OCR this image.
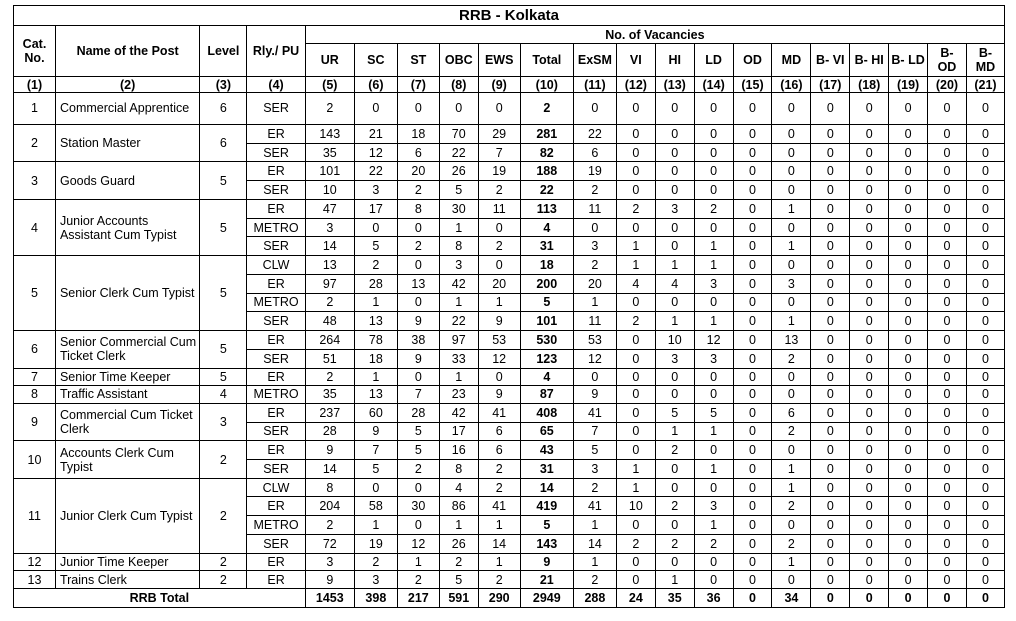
RRB - Kolkata																				
Cat. No.	Name of the Post	Level	Rly./ PU	No. of Vacancies																
				UR	SC	ST	OBC	EWS	Total	ExSM	VI	HI	LD	OD	MD	B- VI	B- HI	B- LD	B- OD	B- MD
(1)	(2)	(3)	(4)	(5)	(6)	(7)	(8)	(9)	(10)	(11)	(12)	(13)	(14)	(15)	(16)	(17)	(18)	(19)	(20)	(21)
1	Commercial Apprentice	6	SER	2	0	0	0	0	2	0	0	0	0	0	0	0	0	0	0	0
2	Station Master	6	ER	143	21	18	70	29	281	22	0	0	0	0	0	0	0	0	0	0
			SER	35	12	6	22	7	82	6	0	0	0	0	0	0	0	0	0	0
3	Goods Guard	5	ER	101	22	20	26	19	188	19	0	0	0	0	0	0	0	0	0	0
			SER	10	3	2	5	2	22	2	0	0	0	0	0	0	0	0	0	0
4	Junior Accounts Assistant Cum Typist	5	ER	47	17	8	30	11	113	11	2	3	2	0	1	0	0	0	0	0
			METRO	3	0	0	1	0	4	0	0	0	0	0	0	0	0	0	0	0
			SER	14	5	2	8	2	31	3	1	0	1	0	1	0	0	0	0	0
5	Senior Clerk Cum Typist	5	CLW	13	2	0	3	0	18	2	1	1	1	0	0	0	0	0	0	0
			ER	97	28	13	42	20	200	20	4	4	3	0	3	0	0	0	0	0
			METRO	2	1	0	1	1	5	1	0	0	0	0	0	0	0	0	0	0
			SER	48	13	9	22	9	101	11	2	1	1	0	1	0	0	0	0	0
6	Senior Commercial Cum Ticket Clerk	5	ER	264	78	38	97	53	530	53	0	10	12	0	13	0	0	0	0	0
			SER	51	18	9	33	12	123	12	0	3	3	0	2	0	0	0	0	0
7	Senior Time Keeper	5	ER	2	1	0	1	0	4	0	0	0	0	0	0	0	0	0	0	0
8	Traffic Assistant	4	METRO	35	13	7	23	9	87	9	0	0	0	0	0	0	0	0	0	0
9	Commercial Cum Ticket Clerk	3	ER	237	60	28	42	41	408	41	0	5	5	0	6	0	0	0	0	0
			SER	28	9	5	17	6	65	7	0	1	1	0	2	0	0	0	0	0
10	Accounts Clerk Cum Typist	2	ER	9	7	5	16	6	43	5	0	2	0	0	0	0	0	0	0	0
			SER	14	5	2	8	2	31	3	1	0	1	0	1	0	0	0	0	0
11	Junior Clerk Cum Typist	2	CLW	8	0	0	4	2	14	2	1	0	0	0	1	0	0	0	0	0
			ER	204	58	30	86	41	419	41	10	2	3	0	2	0	0	0	0	0
			METRO	2	1	0	1	1	5	1	0	0	1	0	0	0	0	0	0	0
			SER	72	19	12	26	14	143	14	2	2	2	0	2	0	0	0	0	0
12	Junior Time Keeper	2	ER	3	2	1	2	1	9	1	0	0	0	0	1	0	0	0	0	0
13	Trains Clerk	2	ER	9	3	2	5	2	21	2	0	1	0	0	0	0	0	0	0	0
RRB Total				1453	398	217	591	290	2949	288	24	35	36	0	34	0	0	0	0	0
